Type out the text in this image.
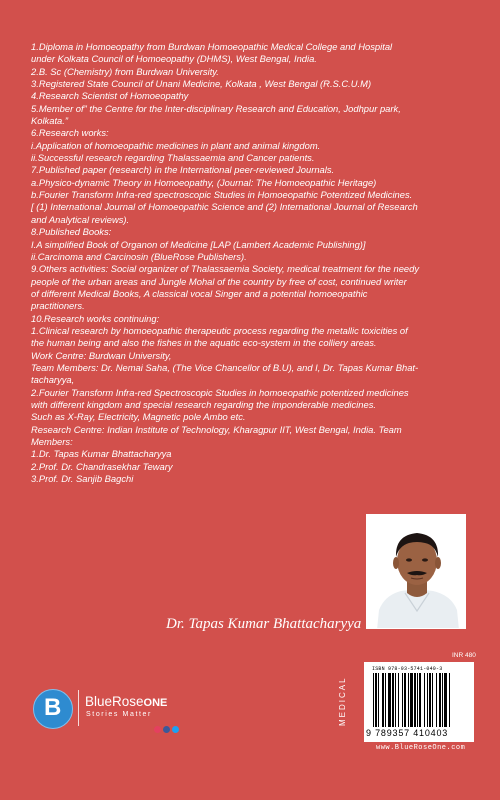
1.Diploma in Homoeopathy from Burdwan Homoeopathic Medical College and Hospital
under Kolkata Council of Homoeopathy (DHMS), West Bengal, India.
2.B. Sc (Chemistry) from Burdwan University.
3.Registered State Council of Unani Medicine, Kolkata , West Bengal (R.S.C.U.M)
4.Research Scientist of Homoeopathy
5.Member of” the Centre for the Inter-disciplinary Research and Education, Jodhpur park,
Kolkata.”
6.Research works:
i.Application of homoeopathic medicines in plant and animal kingdom.
ii.Successful research regarding Thalassaemia and Cancer patients.
7.Published paper (research) in the International peer-reviewed Journals.
a.Physico-dynamic Theory in Homoeopathy, (Journal: The Homoeopathic Heritage)
b.Fourier Transform Infra-red spectroscopic Studies in Homoeopathic Potentized Medicines.
[ (1) International Journal of Homoeopathic Science and (2) International Journal of Research
and Analytical reviews).
8.Published Books:
I.A simplified Book of Organon of Medicine [LAP (Lambert Academic Publishing)]
ii.Carcinoma and Carcinosin (BlueRose Publishers).
9.Others activities: Social organizer of Thalassaemia Society, medical treatment for the needy
people of the urban areas and Jungle Mohal of the country by free of cost, continued writer
of different Medical Books, A classical vocal Singer and a potential homoeopathic
practitioners.
10.Research works continuing:
1.Clinical research by homoeopathic therapeutic process regarding the metallic toxicities of
the human being and also the fishes in the aquatic eco-system in the colliery areas.
Work Centre: Burdwan University,
Team Members: Dr. Nemai Saha, (The Vice Chancellor of B.U), and I, Dr. Tapas Kumar Bhat-
tacharyya,
2.Fourier Transform Infra-red Spectroscopic Studies in homoeopathic potentized medicines
with different kingdom and special research regarding the imponderable medicines.
Such as X-Ray, Electricity, Magnetic pole Ambo etc.
Research Centre: Indian Institute of Technology, Kharagpur IIT, West Bengal, India. Team
Members:
1.Dr. Tapas Kumar Bhattacharyya
2.Prof. Dr. Chandrasekhar Tewary
3.Prof. Dr. Sanjib Bagchi
Dr. Tapas Kumar Bhattacharyya
B BlueRoseONE
Stories Matter	MEDICAL
INR 480
ISBN 978-93-5741-040-3
9 789357 410403
www.BlueRoseOne.com
